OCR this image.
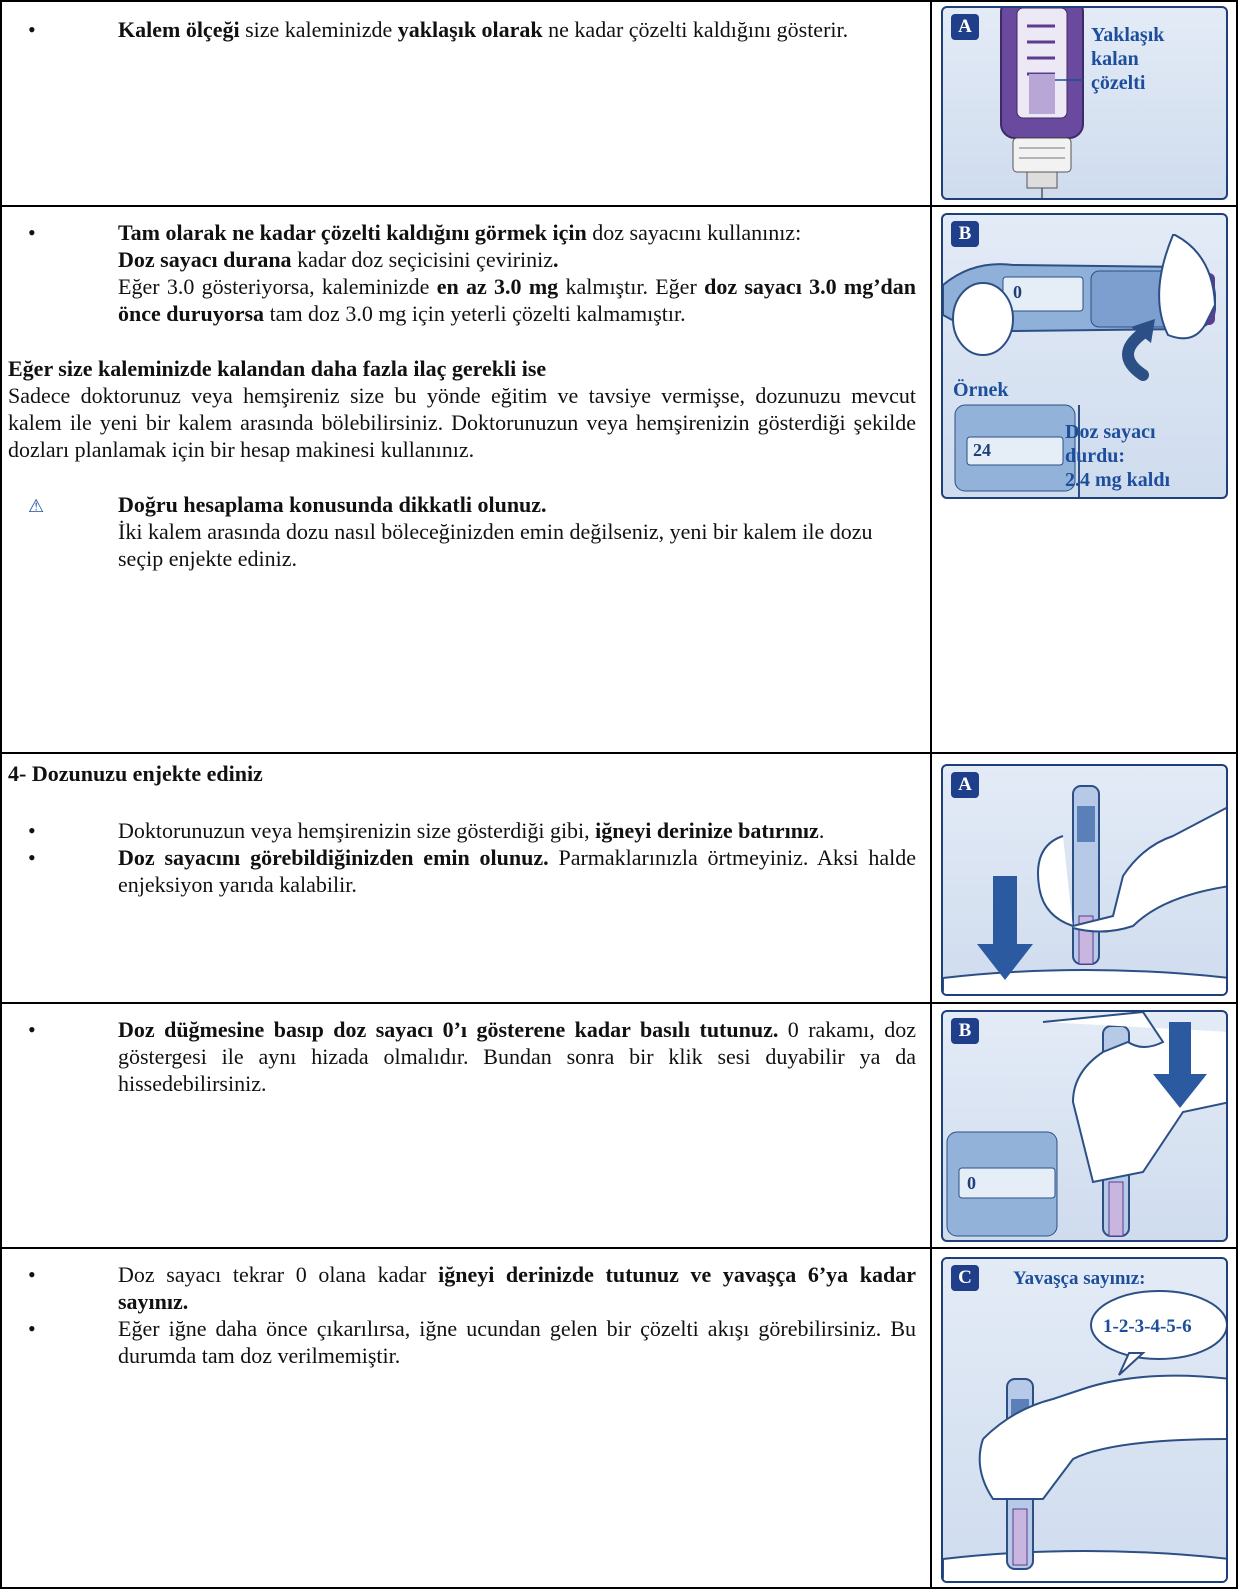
•	Kalem ölçeği size kaleminizde yaklaşık olarak ne kadar çözelti kaldığını gösterir.	A	Yaklaşık
kalan
çözelti
•	Tam olarak ne kadar çözelti kaldığını görmek için doz sayacını kullanınız:
Doz sayacı durana kadar doz seçicisini çeviriniz.
Eğer 3.0 gösteriyorsa, kaleminizde en az 3.0 mg kalmıştır. Eğer doz sayacı 3.0 mg’dan önce duruyorsa tam doz 3.0 mg için yeterli çözelti kalmamıştır.
Eğer size kaleminizde kalandan daha fazla ilaç gerekli ise
Sadece doktorunuz veya hemşireniz size bu yönde eğitim ve tavsiye vermişse, dozunuzu mevcut kalem ile yeni bir kalem arasında bölebilirsiniz. Doktorunuzun veya hemşirenizin gösterdiği şekilde dozları planlamak için bir hesap makinesi kullanınız.
⚠	Doğru hesaplama konusunda dikkatli olunuz.
İki kalem arasında dozu nasıl böleceğinizden emin değilseniz, yeni bir kalem ile dozu seçip enjekte ediniz.
B
0
Örnek
24
Doz sayacı
durdu:
2.4 mg kaldı
4- Dozunuzu enjekte ediniz
•	Doktorunuzun veya hemşirenizin size gösterdiği gibi, iğneyi derinize batırınız.
•	Doz sayacını görebildiğinizden emin olunuz. Parmaklarınızla örtmeyiniz. Aksi halde enjeksiyon yarıda kalabilir.
A
•	Doz düğmesine basıp doz sayacı 0’ı gösterene kadar basılı tutunuz. 0 rakamı, doz göstergesi ile aynı hizada olmalıdır. Bundan sonra bir klik sesi duyabilir ya da hissedebilirsiniz.
B
0
•	Doz sayacı tekrar 0 olana kadar iğneyi derinizde tutunuz ve yavaşça 6’ya kadar sayınız.
•	Eğer iğne daha önce çıkarılırsa, iğne ucundan gelen bir çözelti akışı görebilirsiniz. Bu durumda tam doz verilmemiştir.
C	Yavaşça sayınız:
1-2-3-4-5-6
